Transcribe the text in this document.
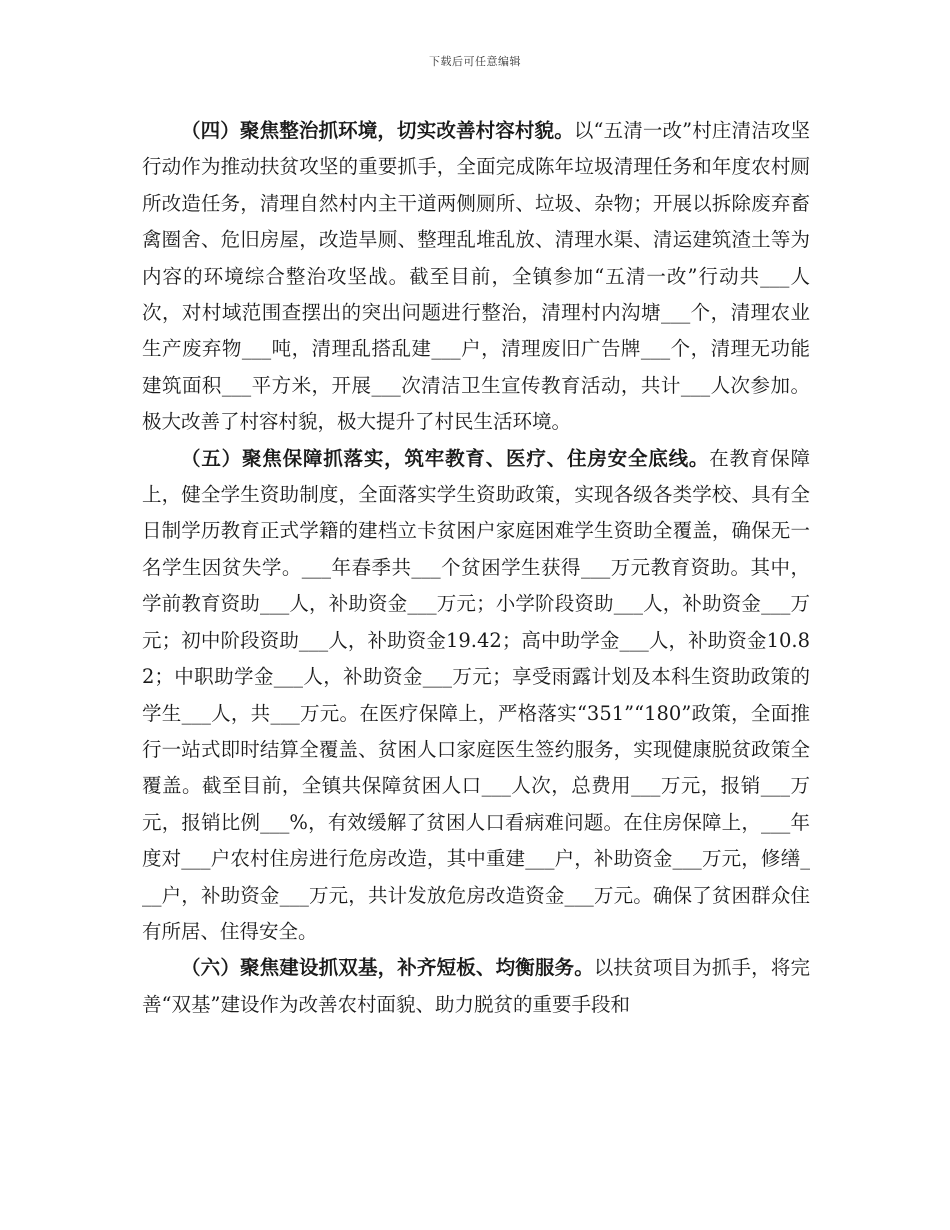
下载后可任意编辑

（四）聚焦整治抓环境，切实改善村容村貌。以“五清一改”村庄清洁攻坚行动作为推动扶贫攻坚的重要抓手，全面完成陈年垃圾清理任务和年度农村厕所改造任务，清理自然村内主干道两侧厕所、垃圾、杂物；开展以拆除废弃畜禽圈舍、危旧房屋，改造旱厕、整理乱堆乱放、清理水渠、清运建筑渣土等为内容的环境综合整治攻坚战。截至目前，全镇参加“五清一改”行动共___人次，对村域范围查摆出的突出问题进行整治，清理村内沟塘___个，清理农业生产废弃物___吨，清理乱搭乱建___户，清理废旧广告牌___个，清理无功能建筑面积___平方米，开展___次清洁卫生宣传教育活动，共计___人次参加。极大改善了村容村貌，极大提升了村民生活环境。

（五）聚焦保障抓落实，筑牢教育、医疗、住房安全底线。在教育保障上，健全学生资助制度，全面落实学生资助政策，实现各级各类学校、具有全日制学历教育正式学籍的建档立卡贫困户家庭困难学生资助全覆盖，确保无一名学生因贫失学。___年春季共___个贫困学生获得___万元教育资助。其中，学前教育资助___人，补助资金___万元；小学阶段资助___人，补助资金___万元；初中阶段资助___人，补助资金19.42；高中助学金___人，补助资金10.82；中职助学金___人，补助资金___万元；享受雨露计划及本科生资助政策的学生___人，共___万元。在医疗保障上，严格落实“351”“180”政策，全面推行一站式即时结算全覆盖、贫困人口家庭医生签约服务，实现健康脱贫政策全覆盖。截至目前，全镇共保障贫困人口___人次，总费用___万元，报销___万元，报销比例___%，有效缓解了贫困人口看病难问题。在住房保障上，___年度对___户农村住房进行危房改造，其中重建___户，补助资金___万元，修缮___户，补助资金___万元，共计发放危房改造资金___万元。确保了贫困群众住有所居、住得安全。

（六）聚焦建设抓双基，补齐短板、均衡服务。以扶贫项目为抓手，将完善“双基”建设作为改善农村面貌、助力脱贫的重要手段和
